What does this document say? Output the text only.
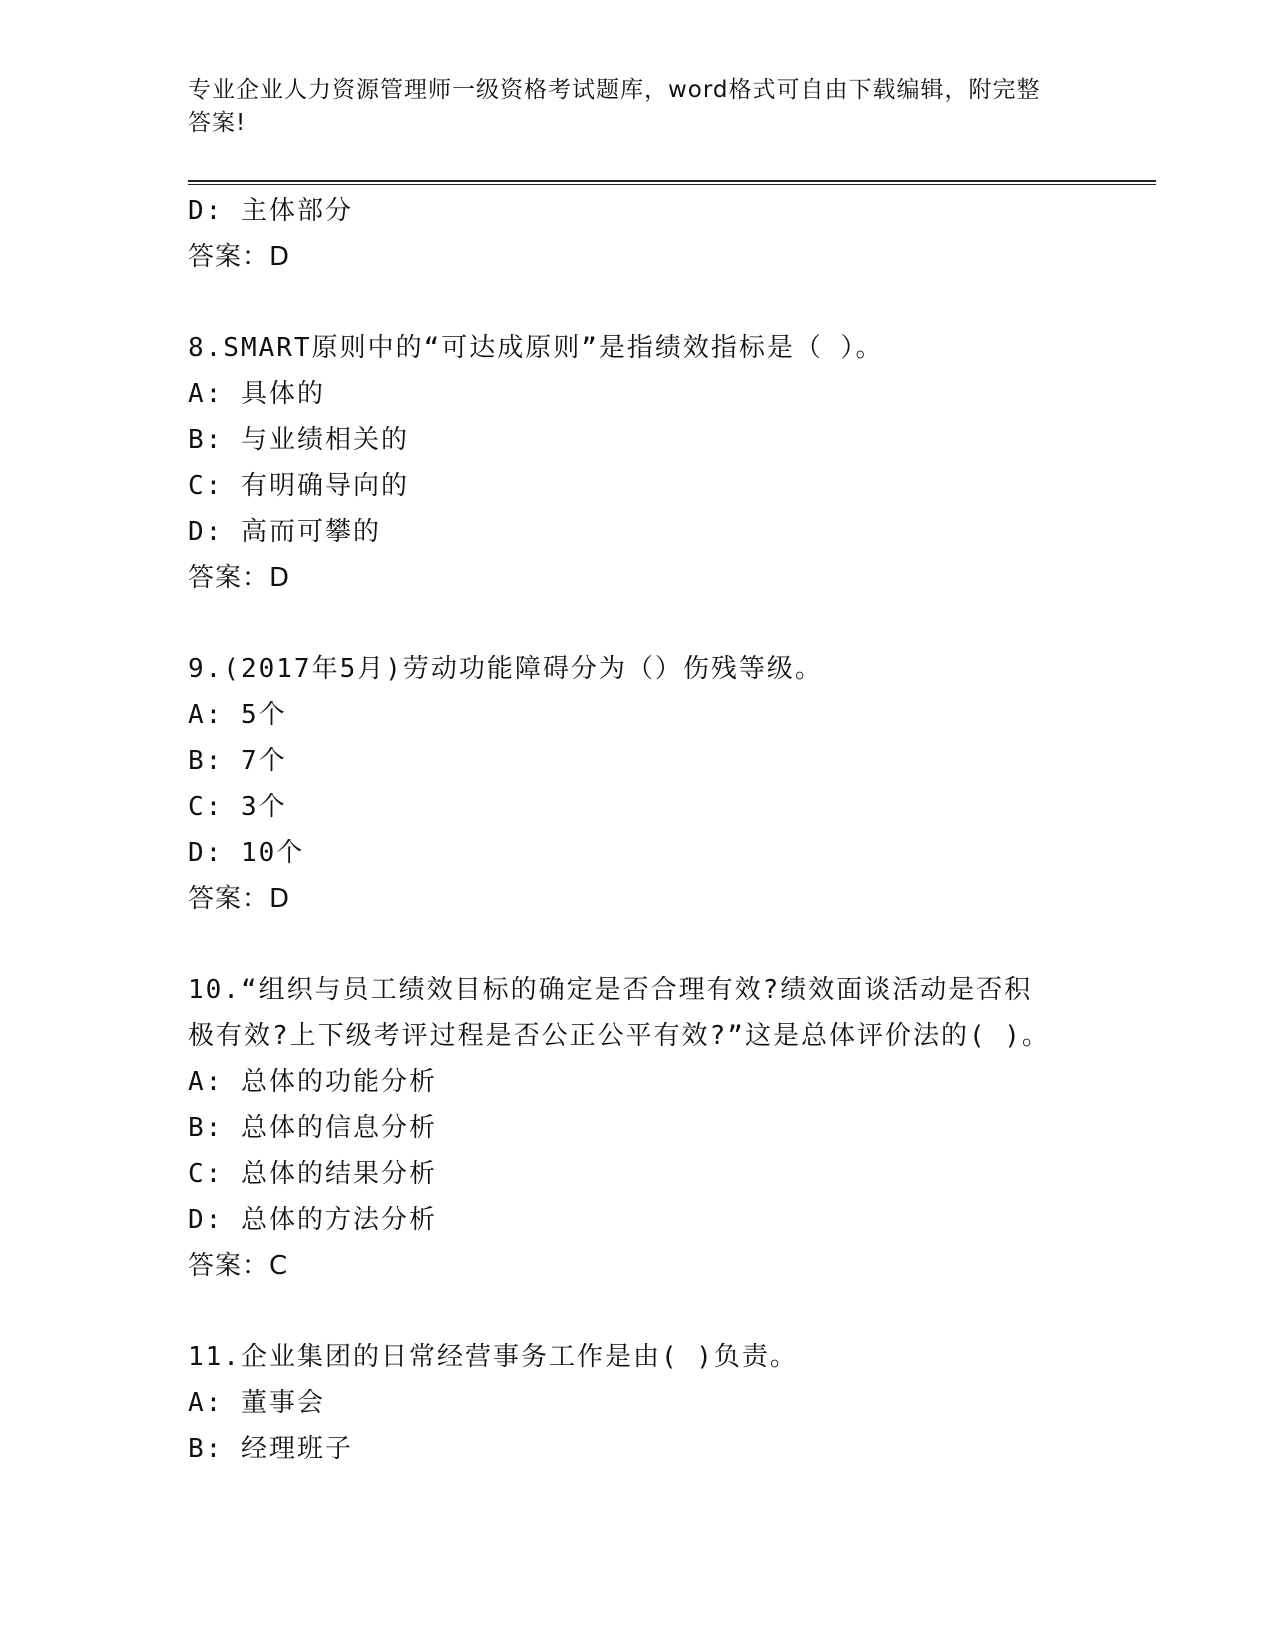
专业企业人力资源管理师一级资格考试题库，word格式可自由下载编辑，附完整
答案!
D: 主体部分
答案：D
8.SMART原则中的“可达成原则”是指绩效指标是（ ）。
A: 具体的
B: 与业绩相关的
C: 有明确导向的
D: 高而可攀的
答案：D
9.(2017年5月)劳动功能障碍分为（）伤残等级。
A: 5个
B: 7个
C: 3个
D: 10个
答案：D
10.“组织与员工绩效目标的确定是否合理有效?绩效面谈活动是否积
极有效?上下级考评过程是否公正公平有效?”这是总体评价法的( )。
A: 总体的功能分析
B: 总体的信息分析
C: 总体的结果分析
D: 总体的方法分析
答案：C
11.企业集团的日常经营事务工作是由( )负责。
A: 董事会
B: 经理班子
